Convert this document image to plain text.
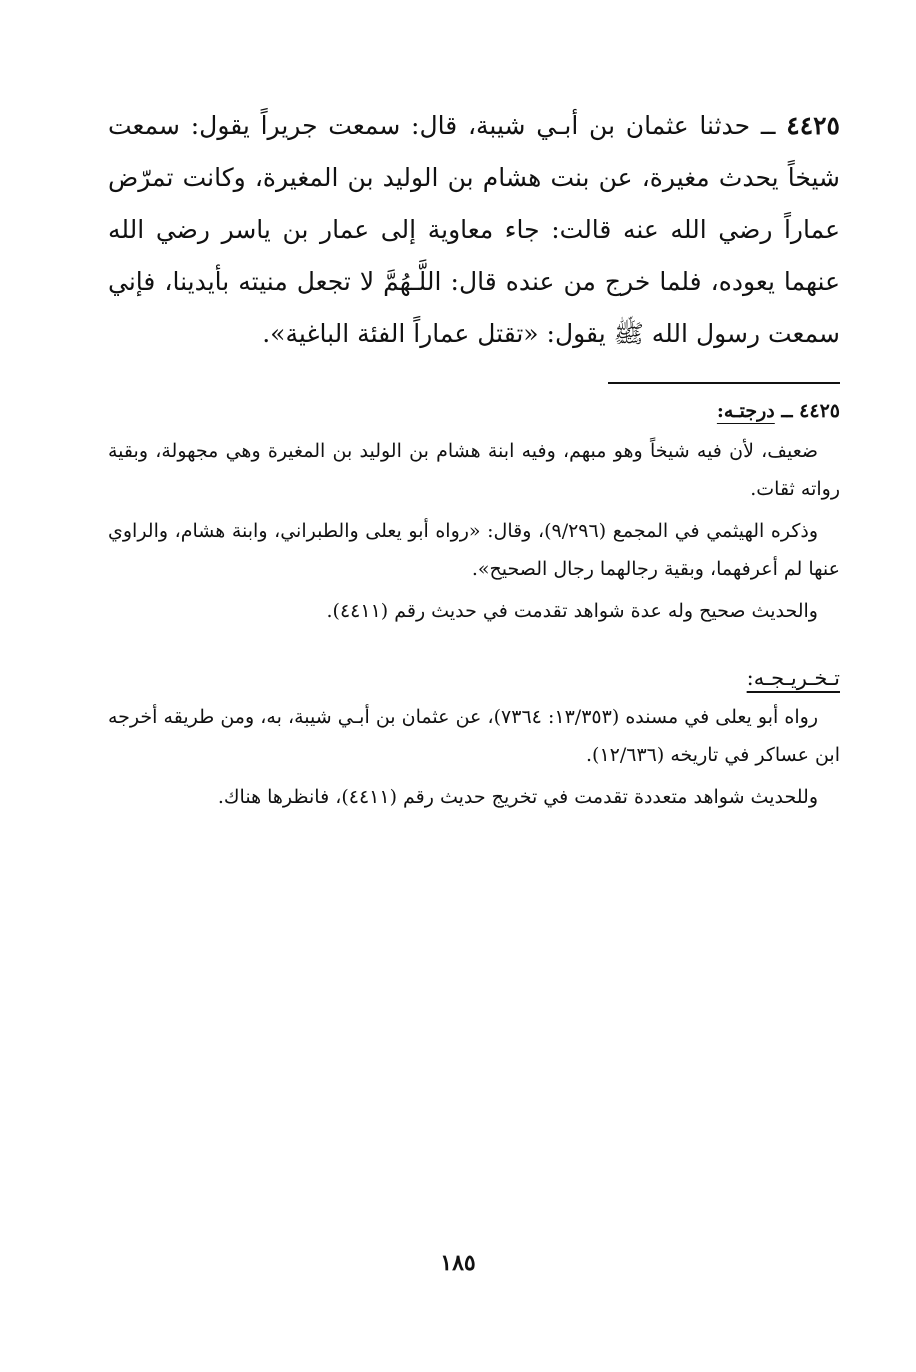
٤٤٢٥ ــ حدثنا عثمان بن أبـي شيبة، قال: سمعت جريراً يقول: سمعت شيخاً يحدث مغيرة، عن بنت هشام بن الوليد بن المغيرة، وكانت تمرّض عماراً رضي الله عنه قالت: جاء معاوية إلى عمار بن ياسر رضي الله عنهما يعوده، فلما خرج من عنده قال: اللَّـهُمَّ لا تجعل منيته بأيدينا، فإني سمعت رسول الله ﷺ يقول: «تقتل عماراً الفئة الباغية».

٤٤٢٥ ــ درجتـه:

ضعيف، لأن فيه شيخاً وهو مبهم، وفيه ابنة هشام بن الوليد بن المغيرة وهي مجهولة، وبقية رواته ثقات.

وذكره الهيثمي في المجمع (٩/٢٩٦)، وقال: «رواه أبو يعلى والطبراني، وابنة هشام، والراوي عنها لم أعرفهما، وبقية رجالهما رجال الصحيح».

والحديث صحيح وله عدة شواهد تقدمت في حديث رقم (٤٤١١).

تـخـريـجـه:

رواه أبو يعلى في مسنده (١٣/٣٥٣: ٧٣٦٤)، عن عثمان بن أبـي شيبة، به، ومن طريقه أخرجه ابن عساكر في تاريخه (١٢/٦٣٦).

وللحديث شواهد متعددة تقدمت في تخريج حديث رقم (٤٤١١)، فانظرها هناك.

١٨٥
